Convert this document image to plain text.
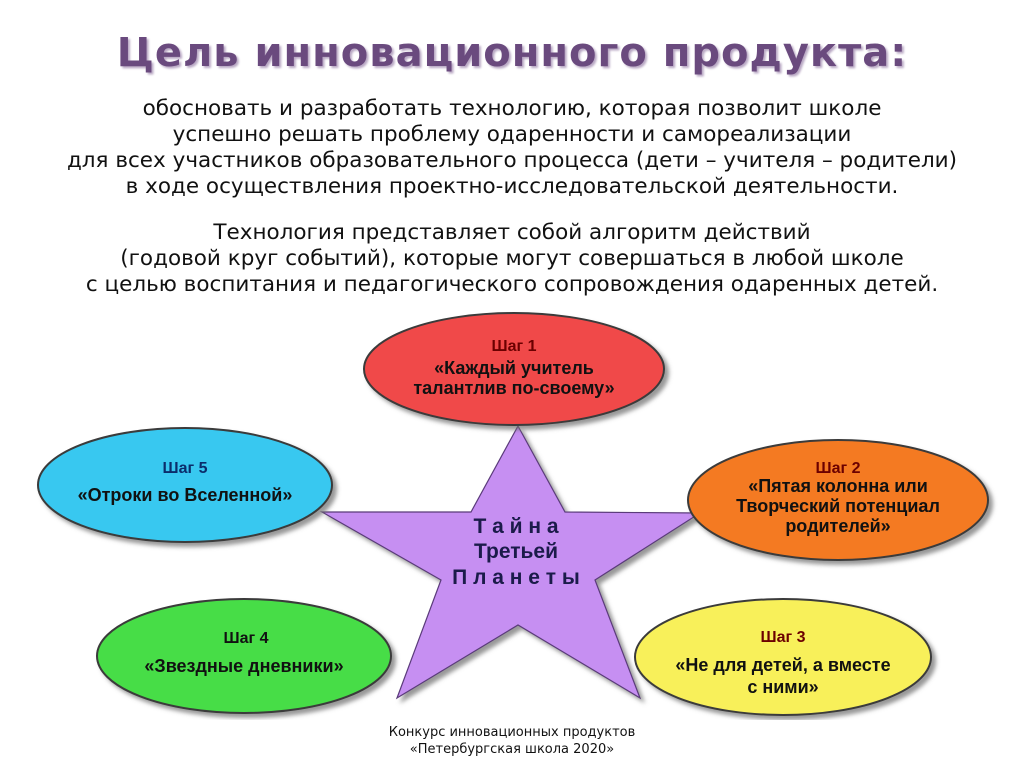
Цель инновационного продукта:
обосновать и разработать технологию, которая позволит школе
успешно решать проблему одаренности и самореализации
для всех участников образовательного процесса (дети – учителя – родители)
в ходе осуществления проектно-исследовательской деятельности.
Технология представляет собой алгоритм действий
(годовой круг событий), которые могут совершаться в любой школе
с целью воспитания и педагогического сопровождения одаренных детей.
Т а й н а
Третьей
П л а н е т ы
Шаг 1
«Каждый учитель
талантлив по-своему»
Шаг 2
«Пятая колонна или
Творческий потенциал
родителей»
Шаг 3
«Не для детей, а вместе
с ними»
Шаг 4
«Звездные дневники»
Шаг 5
«Отроки во Вселенной»
Конкурс инновационных продуктов
«Петербургская школа 2020»
